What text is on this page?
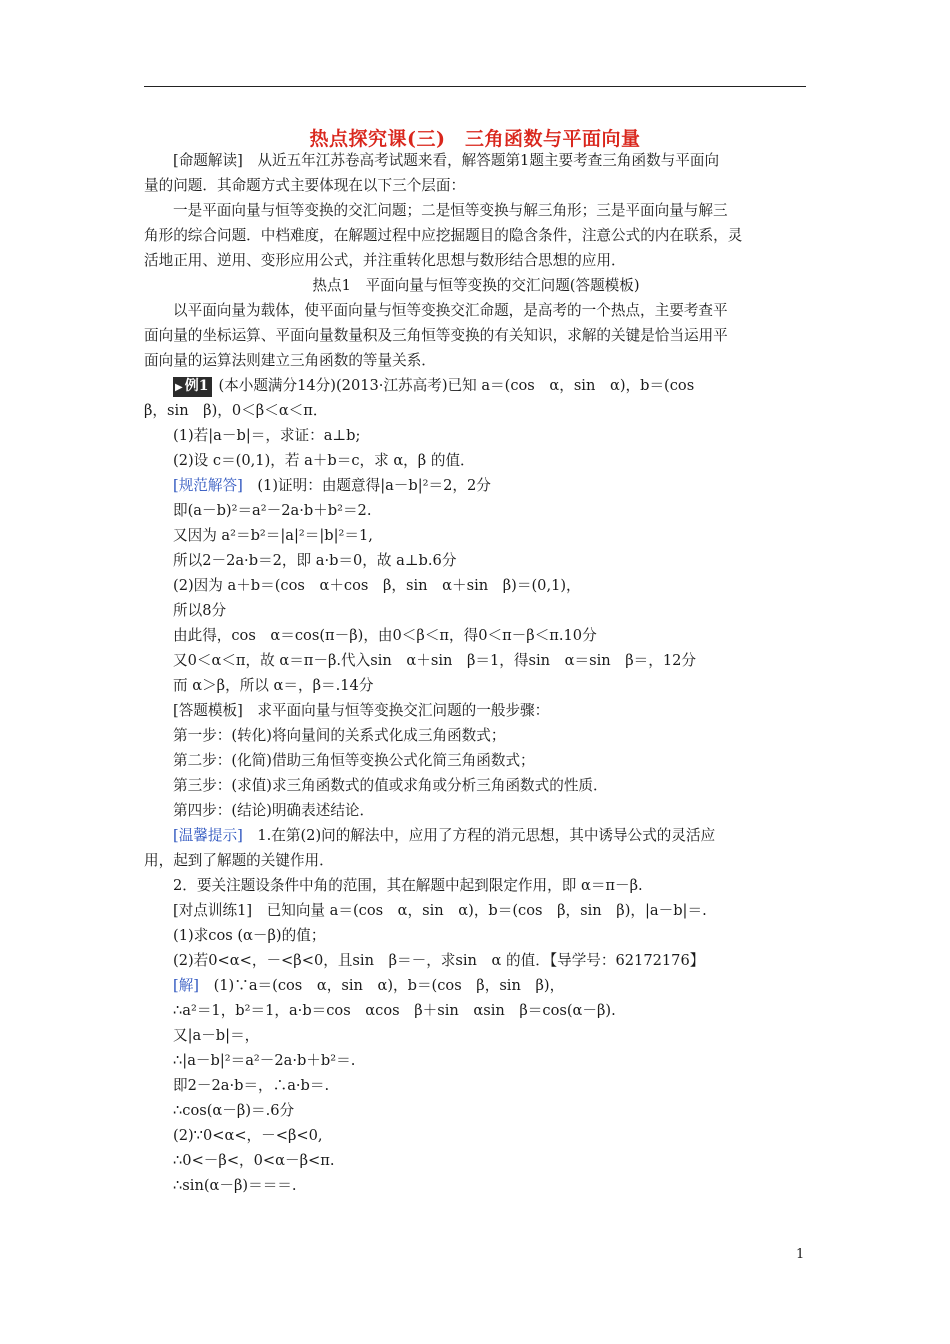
热点探究课(三)　三角函数与平面向量
[命题解读]　从近五年江苏卷高考试题来看，解答题第1题主要考查三角函数与平面向
量的问题．其命题方式主要体现在以下三个层面：
一是平面向量与恒等变换的交汇问题；二是恒等变换与解三角形；三是平面向量与解三
角形的综合问题．中档难度，在解题过程中应挖掘题目的隐含条件，注意公式的内在联系，灵
活地正用、逆用、变形应用公式，并注重转化思想与数形结合思想的应用．
热点1　平面向量与恒等变换的交汇问题(答题模板)
以平面向量为载体，使平面向量与恒等变换交汇命题，是高考的一个热点，主要考查平
面向量的坐标运算、平面向量数量积及三角恒等变换的有关知识，求解的关键是恰当运用平
面向量的运算法则建立三角函数的等量关系．
▶ 例1 (本小题满分14分)(2013·江苏高考)已知 a＝(cos　α，sin　α)，b＝(cos
β，sin　β)，0＜β＜α＜π．
(1)若|a－b|＝，求证：a⊥b;
(2)设 c＝(0,1)，若 a＋b＝c，求 α，β 的值．
[规范解答]　(1)证明：由题意得|a－b|²＝2，2分
即(a－b)²＝a²－2a·b＋b²＝2.
又因为 a²＝b²＝|a|²＝|b|²＝1,
所以2－2a·b＝2，即 a·b＝0，故 a⊥b.6分
(2)因为 a＋b＝(cos　α＋cos　β，sin　α＋sin　β)＝(0,1)，
所以8分
由此得，cos　α＝cos(π－β)，由0＜β＜π，得0＜π－β＜π.10分
又0＜α＜π，故 α＝π－β.代入sin　α＋sin　β＝1，得sin　α＝sin　β＝，12分
而 α＞β，所以 α＝，β＝.14分
[答题模板]　求平面向量与恒等变换交汇问题的一般步骤：
第一步：(转化)将向量间的关系式化成三角函数式；
第二步：(化简)借助三角恒等变换公式化简三角函数式；
第三步：(求值)求三角函数式的值或求角或分析三角函数式的性质．
第四步：(结论)明确表述结论．
[温馨提示]　1.在第(2)问的解法中，应用了方程的消元思想，其中诱导公式的灵活应
用，起到了解题的关键作用．
2．要关注题设条件中角的范围，其在解题中起到限定作用，即 α＝π－β.
[对点训练1]　已知向量 a＝(cos　α，sin　α)，b＝(cos　β，sin　β)，|a－b|＝.
(1)求cos (α－β)的值；
(2)若0<α<，－<β<0，且sin　β＝－，求sin　α 的值．【导学号：62172176】
[解]　(1)∵a＝(cos　α，sin　α)，b＝(cos　β，sin　β)，
∴a²＝1，b²＝1，a·b＝cos　αcos　β＋sin　αsin　β＝cos(α－β).
又|a－b|＝，
∴|a－b|²＝a²－2a·b＋b²＝.
即2－2a·b＝，∴a·b＝.
∴cos(α－β)＝.6分
(2)∵0<α<，－<β<0,
∴0<－β<，0<α－β<π.
∴sin(α－β)＝＝＝.
1
